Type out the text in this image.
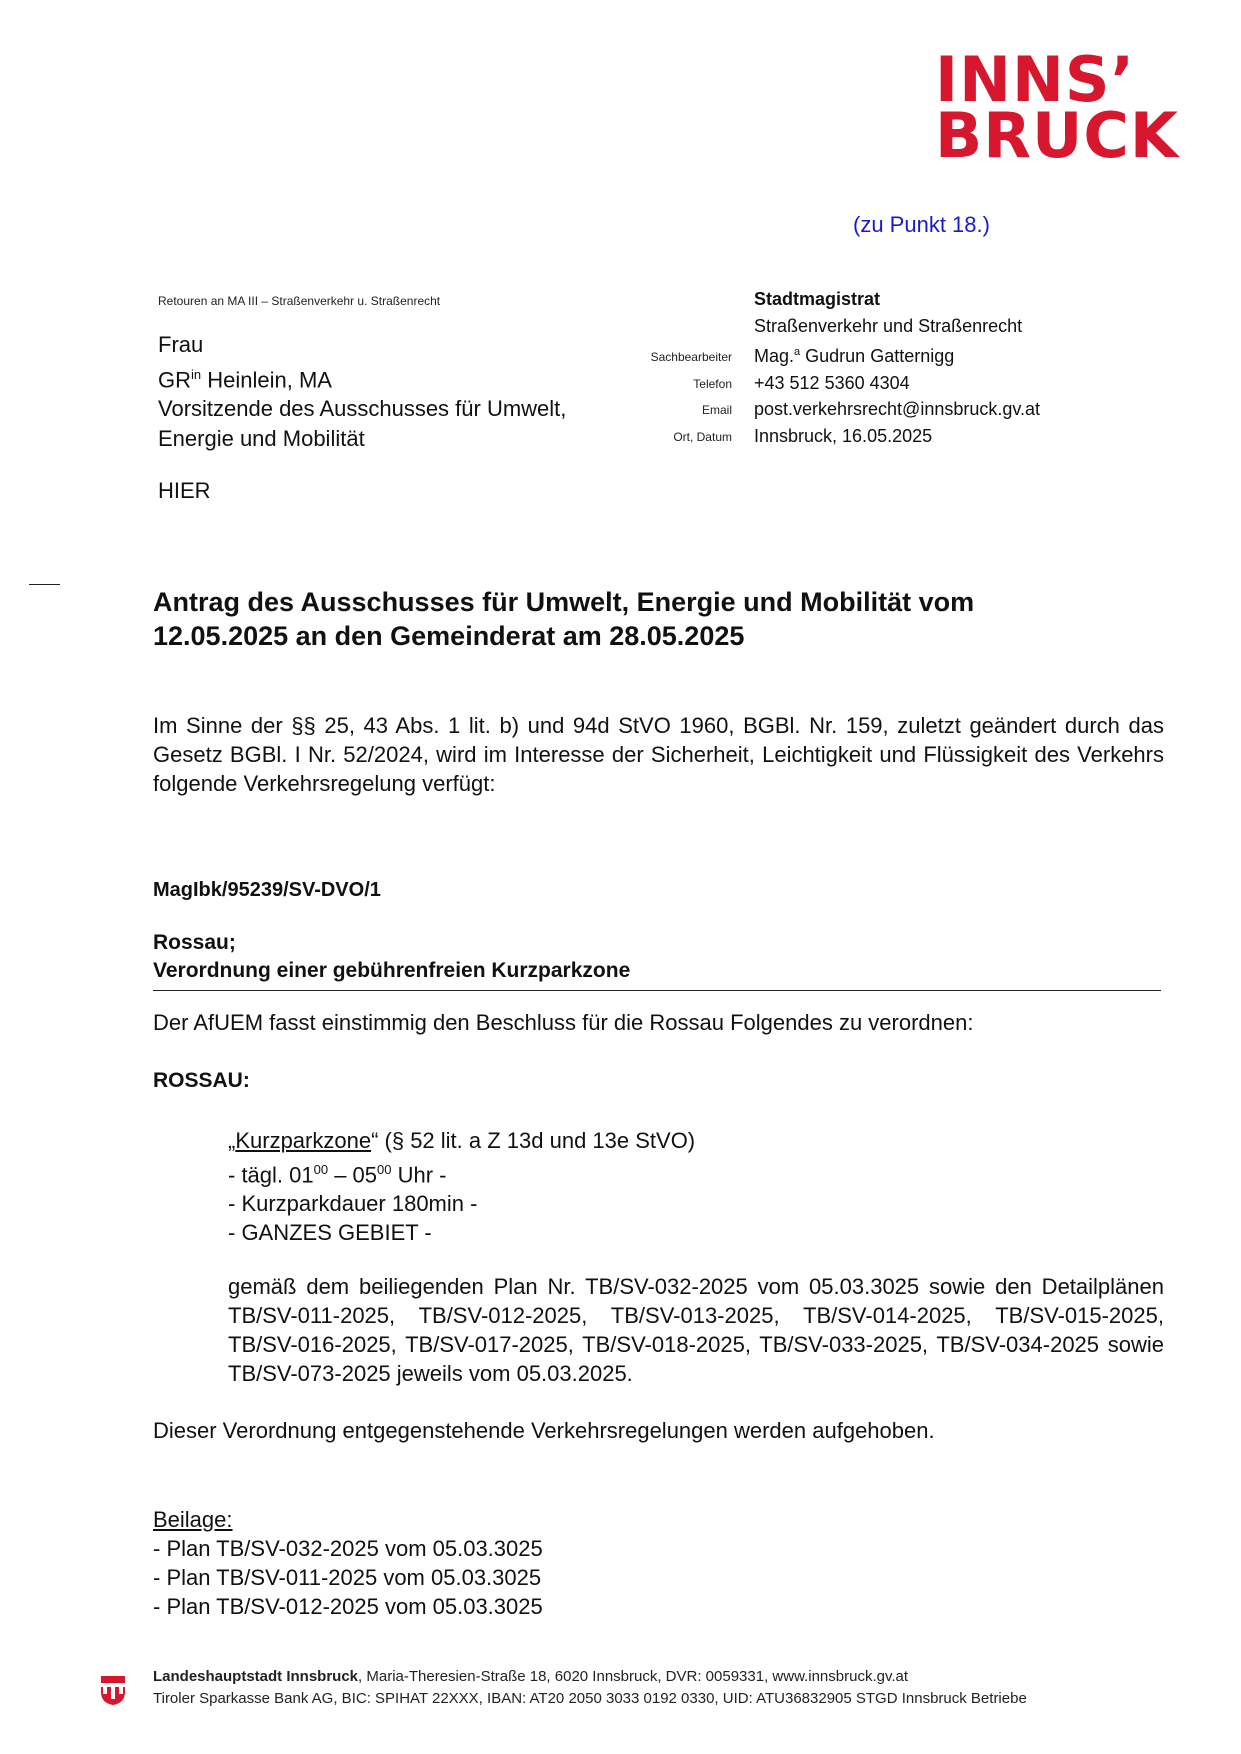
INNS’
BRUCK
(zu Punkt 18.)
Retouren an MA III – Straßenverkehr u. Straßenrecht
Frau
$GR^{in}$ Heinlein, MA
Vorsitzende des Ausschusses für Umwelt,
Energie und Mobilität
HIER
Sachbearbeiter
Telefon
Email
Ort, Datum
Stadtmagistrat
Straßenverkehr und Straßenrecht
Mag.$^a$ Gudrun Gatternigg
+43 512 5360 4304
post.verkehrsrecht@innsbruck.gv.at
Innsbruck, 16.05.2025
Antrag des Ausschusses für Umwelt, Energie und Mobilität vom
12.05.2025 an den Gemeinderat am 28.05.2025
Im Sinne der §§ 25, 43 Abs. 1 lit. b) und 94d StVO 1960, BGBl. Nr. 159, zuletzt geändert durch das Gesetz BGBl. I Nr. 52/2024, wird im Interesse der Sicherheit, Leichtigkeit und Flüssigkeit des Verkehrs folgende Verkehrsregelung verfügt:
MagIbk/95239/SV-DVO/1
Rossau;
Verordnung einer gebührenfreien Kurzparkzone
Der AfUEM fasst einstimmig den Beschluss für die Rossau Folgendes zu verordnen:
ROSSAU:
„Kurzparkzone“ (§ 52 lit. a Z 13d und 13e StVO)
- tägl. $01^{00} - 05^{00}$ Uhr -
- Kurzparkdauer 180min -
- GANZES GEBIET -
gemäß dem beiliegenden Plan Nr. TB/SV-032-2025 vom 05.03.3025 sowie den Detailplänen TB/SV-011-2025, TB/SV-012-2025, TB/SV-013-2025, TB/SV-014-2025, TB/SV-015-2025, TB/SV-016-2025, TB/SV-017-2025, TB/SV-018-2025, TB/SV-033-2025, TB/SV-034-2025 sowie TB/SV-073-2025 jeweils vom 05.03.2025.
Dieser Verordnung entgegenstehende Verkehrsregelungen werden aufgehoben.
Beilage:
- Plan TB/SV-032-2025 vom 05.03.3025
- Plan TB/SV-011-2025 vom 05.03.3025
- Plan TB/SV-012-2025 vom 05.03.3025
Landeshauptstadt Innsbruck, Maria-Theresien-Straße 18, 6020 Innsbruck, DVR: 0059331, www.innsbruck.gv.at
Tiroler Sparkasse Bank AG, BIC: SPIHAT 22XXX, IBAN: AT20 2050 3033 0192 0330, UID: ATU36832905 STGD Innsbruck Betriebe
